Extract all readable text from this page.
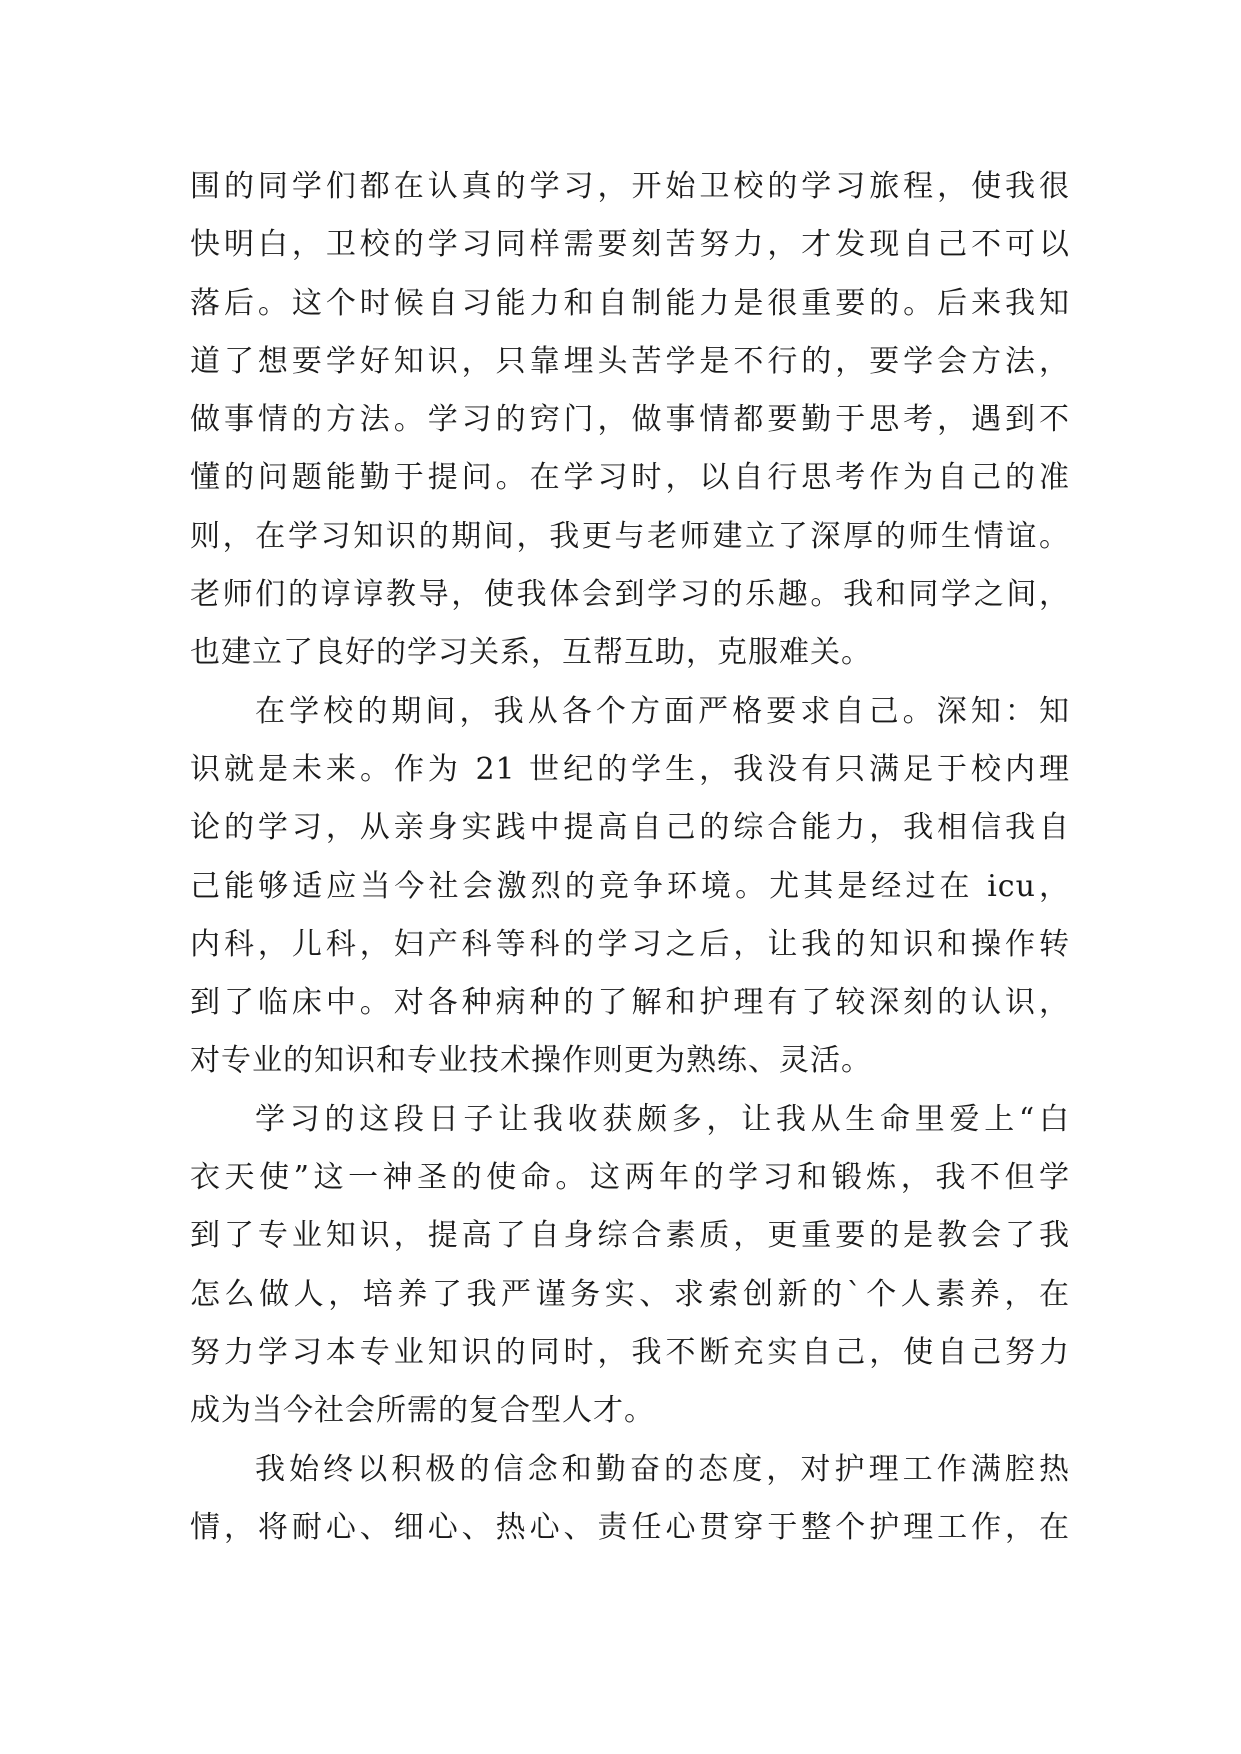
围的同学们都在认真的学习，开始卫校的学习旅程，使我很
快明白，卫校的学习同样需要刻苦努力，才发现自己不可以
落后。这个时候自习能力和自制能力是很重要的。后来我知
道了想要学好知识，只靠埋头苦学是不行的，要学会方法，
做事情的方法。学习的窍门，做事情都要勤于思考，遇到不
懂的问题能勤于提问。在学习时，以自行思考作为自己的准
则，在学习知识的期间，我更与老师建立了深厚的师生情谊。
老师们的谆谆教导，使我体会到学习的乐趣。我和同学之间，
也建立了良好的学习关系，互帮互助，克服难关。
在学校的期间，我从各个方面严格要求自己。深知：知
识就是未来。作为 21 世纪的学生，我没有只满足于校内理
论的学习，从亲身实践中提高自己的综合能力，我相信我自
己能够适应当今社会激烈的竞争环境。尤其是经过在 icu，
内科，儿科，妇产科等科的学习之后，让我的知识和操作转
到了临床中。对各种病种的了解和护理有了较深刻的认识，
对专业的知识和专业技术操作则更为熟练、灵活。
学习的这段日子让我收获颇多，让我从生命里爱上“白
衣天使”这一神圣的使命。这两年的学习和锻炼，我不但学
到了专业知识，提高了自身综合素质，更重要的是教会了我
怎么做人，培养了我严谨务实、求索创新的`个人素养，在
努力学习本专业知识的同时，我不断充实自己，使自己努力
成为当今社会所需的复合型人才。
我始终以积极的信念和勤奋的态度，对护理工作满腔热
情，将耐心、细心、热心、责任心贯穿于整个护理工作，在
